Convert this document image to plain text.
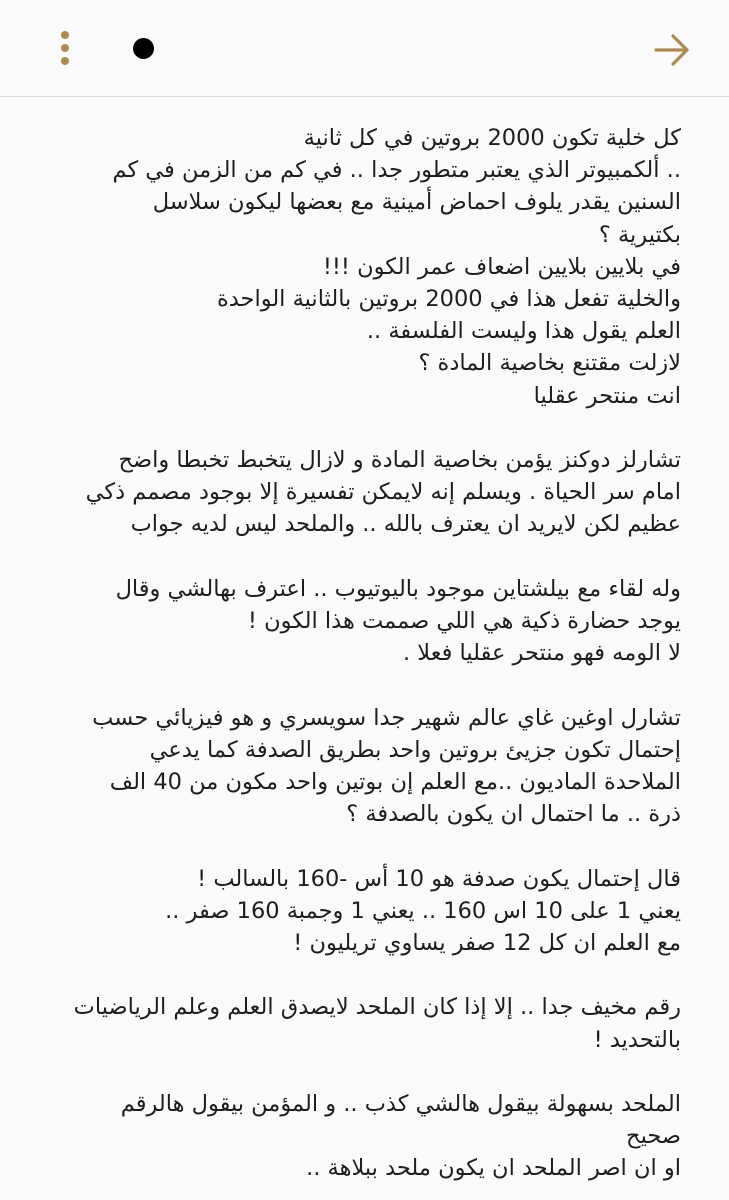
كل خلية تكون 2000 بروتين في كل ثانية
.. ألكمبيوتر الذي يعتبر متطور جدا .. في كم من الزمن في كم
السنين يقدر يلوف احماض أمينية مع بعضها ليكون سلاسل
بكتيرية ؟
في بلايين بلايين اضعاف عمر الكون !!!
والخلية تفعل هذا في 2000 بروتين بالثانية الواحدة
العلم يقول هذا وليست الفلسفة ..
لازلت مقتنع بخاصية المادة ؟
انت منتحر عقليا
تشارلز دوكنز يؤمن بخاصية المادة و لازال يتخبط تخبطا واضح
امام سر الحياة . ويسلم إنه لايمكن تفسيرة إلا بوجود مصمم ذكي
عظيم لكن لايريد ان يعترف بالله .. والملحد ليس لديه جواب
وله لقاء مع بيلشتاين موجود باليوتيوب .. اعترف بهالشي وقال
يوجد حضارة ذكية هي اللي صممت هذا الكون !
لا الومه فهو منتحر عقليا فعلا .
تشارل اوغين غاي عالم شهير جدا سويسري و هو فيزيائي حسب
إحتمال تكون جزيئ بروتين واحد بطريق الصدفة كما يدعي
الملاحدة الماديون ..مع العلم إن بوتين واحد مكون من 40 الف
ذرة .. ما احتمال ان يكون بالصدفة ؟
قال إحتمال يكون صدفة هو 10 أس -160 بالسالب !
يعني 1 على 10 اس 160 .. يعني 1 وجمبة 160 صفر ..
مع العلم ان كل 12 صفر يساوي تريليون !
رقم مخيف جدا .. إلا إذا كان الملحد لايصدق العلم وعلم الرياضيات
بالتحديد !
الملحد بسهولة بيقول هالشي كذب .. و المؤمن بيقول هالرقم
صحيح
او ان اصر الملحد ان يكون ملحد ببلاهة ..
